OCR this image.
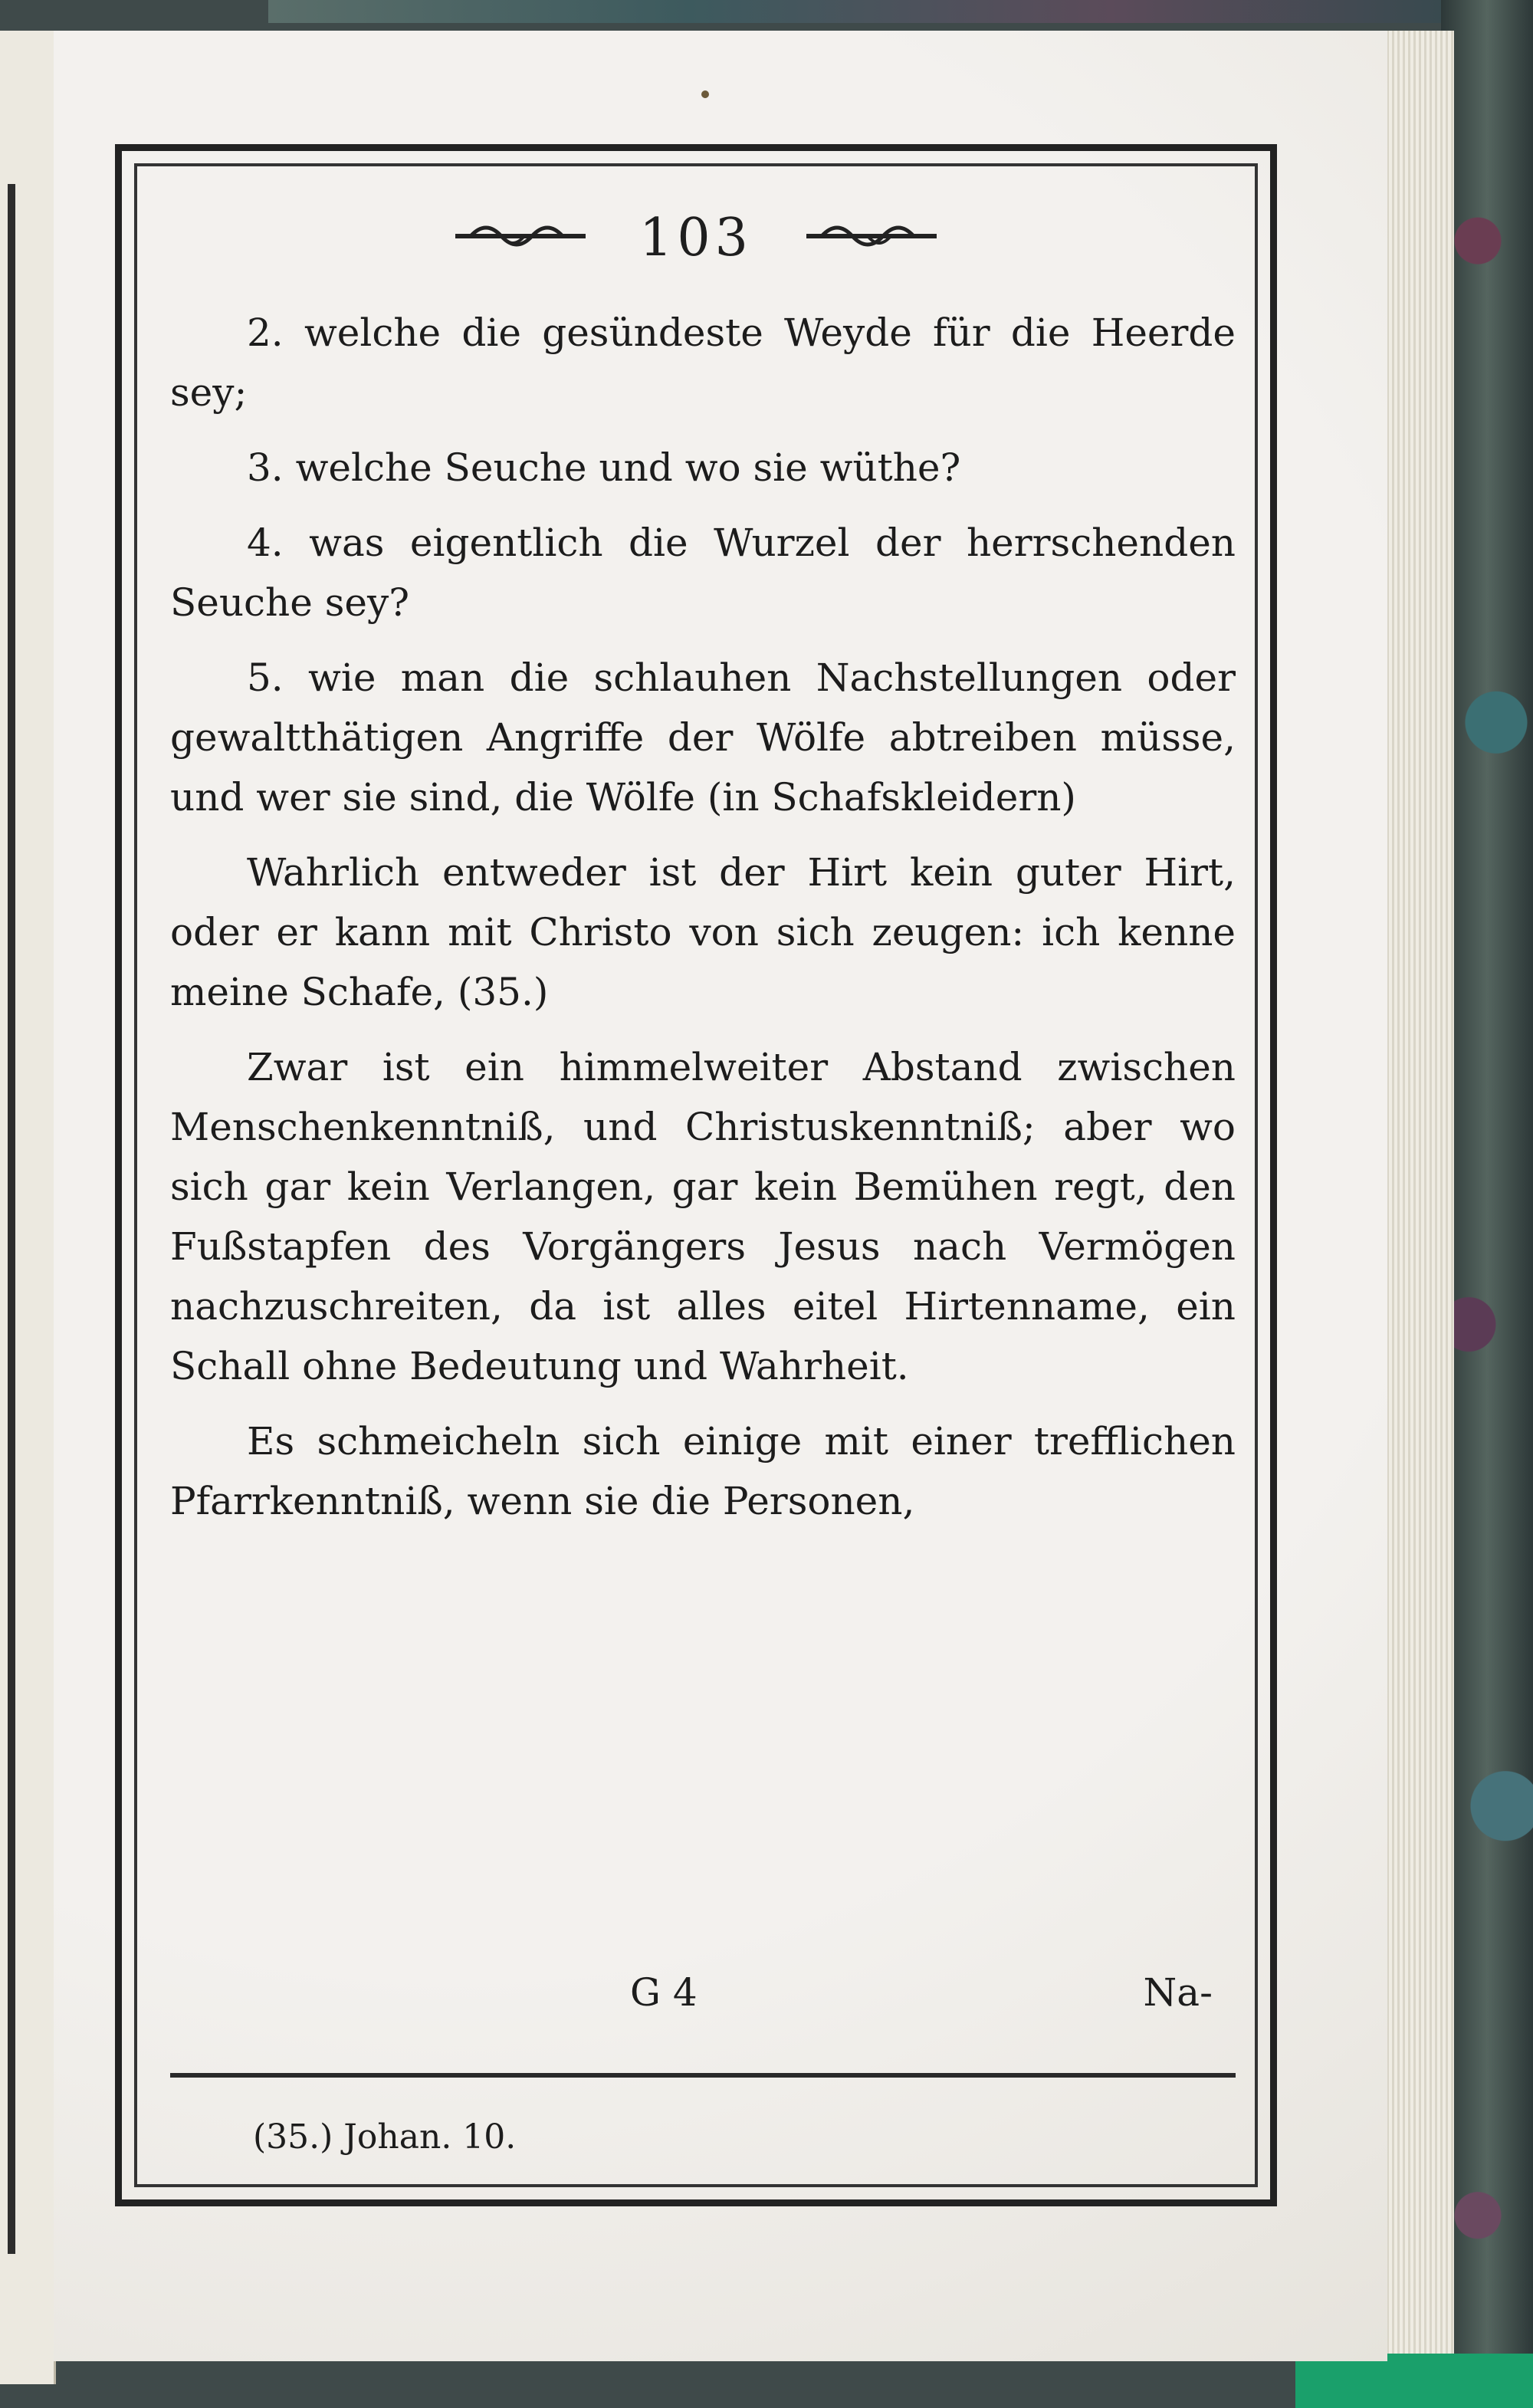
103

2. welche die gesündeste Weyde für die Heerde sey;

3. welche Seuche und wo sie wüthe?

4. was eigentlich die Wurzel der herrschenden Seuche sey?

5. wie man die schlauhen Nachstellungen oder gewaltthätigen Angriffe der Wölfe abtreiben müsse, und wer sie sind, die Wölfe (in Schafskleidern)

Wahrlich entweder ist der Hirt kein guter Hirt, oder er kann mit Christo von sich zeugen: ich kenne meine Schafe, (35.)

Zwar ist ein himmelweiter Abstand zwischen Menschenkenntniß, und Christuskenntniß; aber wo sich gar kein Verlangen, gar kein Bemühen regt, den Fußstapfen des Vorgängers Jesus nach Vermögen nachzuschreiten, da ist alles eitel Hirtenname, ein Schall ohne Bedeutung und Wahrheit.

Es schmeicheln sich einige mit einer trefflichen Pfarrkenntniß, wenn sie die Personen,

G 4	Na-
(35.) Johan. 10.
